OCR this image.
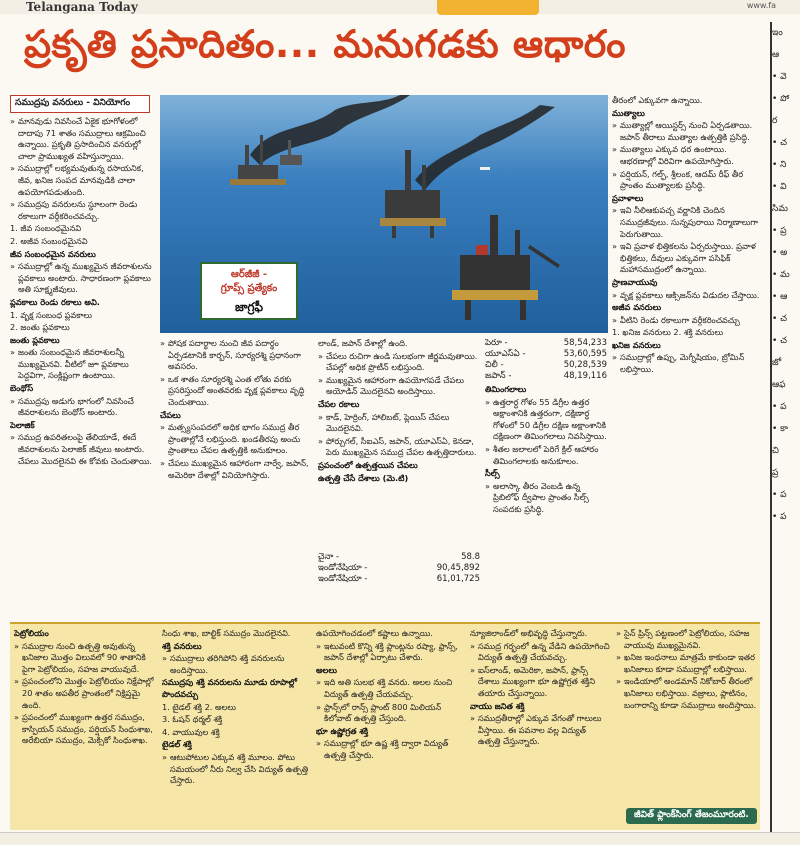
Telangana Today	www.fa
ప్రకృతి ప్రసాదితం... మనుగడకు ఆధారం
సముద్రపు వనరులు - వినియోగం

» మానవుడు నివసించే ఏకైక భూగోళంలో దాదాపు 71 శాతం సముద్రాలు ఆక్రమించి ఉన్నాయి. ప్రకృతి ప్రసాదించిన వనరుల్లో చాలా ప్రాముఖ్యత వహిస్తున్నాయి.

» సముద్రాల్లో లభ్యమవుతున్న రసాయనిక, జీవ, ఖనిజ సంపద మానవుడికి చాలా ఉపయోగపడుతుంది.

» సముద్రపు వనరులను స్థూలంగా రెండు రకాలుగా వర్గీకరించవచ్చు.

1. జీవ సంబంధమైనవి

2. అజీవ సంబంధమైనవి

జీవ సంబంధమైన వనరులు

» సముద్రాల్లో ఉన్న ముఖ్యమైన జీవరాశులను ప్లవకాలు అంటారు. సాధారణంగా ప్లవకాలు అతి సూక్ష్మజీవులు.

ప్లవకాలు రెండు రకాలు అవి.

1. వృక్ష సంబంధ ప్లవకాలు

2. జంతు ప్లవకాలు

జంతు ప్లవకాలు

» జంతు సంబంధమైన జీవరాశులన్నీ ముఖ్యమైనవి. వీటిలో జూ ప్లవకాలు పెద్దవిగా, సంక్లిష్టంగా ఉంటాయి.

బెంథోస్‌

» సముద్రపు అడుగు భాగంలో నివసించే జీవరాశులను బెంథోస్‌ అంటారు.

పెలాజిక్‌

» సముద్ర ఉపరితలంపై తేలియాడే, ఈదే జీవరాశులను పెలాజిక్‌ జీవులు అంటారు. చేపలు మొదలైనవి ఈ కోవకు చెందుతాయి.

ఆర్‌జీజీ -
గ్రూప్స్‌ ప్రత్యేకం
జాగ్రఫీ

» పోషక పదార్థాల నుంచి జీవ పదార్థం ఏర్పడటానికి కార్బన్‌, సూర్యరశ్మి ప్రధానంగా అవసరం.

» ఒక శాతం సూర్యరశ్మి ఎంత లోతు వరకు ప్రసరిస్తుందో అంతవరకు వృక్ష ప్లవకాలు వృద్ధి చెందుతాయి.

చేపలు

» మత్స్యసంపదలో అధిక భాగం సముద్ర తీర ప్రాంతాల్లోనే లభిస్తుంది. ఖండతీరపు అంచు ప్రాంతాలు చేపల ఉత్పత్తికి అనుకూలం.

» చేపలు ముఖ్యమైన ఆహారంగా నార్వే, జపాన్‌, అమెరికా దేశాల్లో వినియోగిస్తారు.

లాండ్‌, జపాన్‌ దేశాల్లో ఉంది.

» చేపలు రుచిగా ఉండి సులభంగా జీర్ణమవుతాయి. చేపల్లో అధిక ప్రొటీన్‌ లభిస్తుంది.

» ముఖ్యమైన ఆహారంగా ఉపయోగపడే చేపలు అయోడిన్‌ మొదలైనవి అందిస్తాయి.

చేపల రకాలు

» కాడ్‌, హెర్రింగ్‌, హాలిబట్‌, ప్లెయిస్‌ చేపలు మొదలైనవి.

» పోర్చుగల్‌, సీఐఎస్‌, జపాన్‌, యూఎస్‌ఏ, కెనడా, పెరు ముఖ్యమైన సముద్ర చేపల ఉత్పత్తిదారులు.

ప్రపంచంలో ఉత్పత్తయిన చేపలు

ఉత్పత్తి చేసే దేశాలు (మె.టి)

చైనా -	58.8
ఇండోనేషియా -	90,45,892
ఇండోనేషియా -	61,01,725
పెరూ -	58,54,233
యూఎస్‌ఏ -	53,60,595
చిలీ -	50,28,539
జపాన్‌ -	48,19,116

తిమింగలాలు

» ఉత్తరార్ధ గోళం 55 డిగ్రీల ఉత్తర అక్షాంశానికి ఉత్తరంగా, దక్షిణార్ధ గోళంలో 50 డిగ్రీల దక్షిణ అక్షాంశానికి దక్షిణంగా తిమింగలాలు నివసిస్తాయి.

» శీతల జలాలలో పెరిగే క్రిల్‌ ఆహారం తిమింగలాలకు అనుకూలం.

సీల్స్‌

» అలాస్కా తీరం వెంబడి ఉన్న ప్రిబిలోఫ్‌ ద్వీపాల ప్రాంతం సీల్స్‌ సంపదకు ప్రసిద్ధి.

తీరంలో ఎక్కువగా ఉన్నాయి.

ముత్యాలు

» ముత్యాల్లో ఆయిస్టర్స్‌ నుంచి ఏర్పడతాయి. జపాన్‌ తీరాలు ముత్యాల ఉత్పత్తికి ప్రసిద్ధి.

» ముత్యాలు ఎక్కువ ధర ఉంటాయి. ఆభరణాల్లో విరివిగా ఉపయోగిస్తారు.

» పర్షియన్‌, గల్ఫ్‌, శ్రీలంక, ఆదమ్‌ రీఫ్‌ తీర ప్రాంతం ముత్యాలకు ప్రసిద్ధి.

ప్రవాళాలు

» ఇవి నీలిఆకుపచ్చ వర్ణానికి చెందిన సముద్రజీవులు. సున్నపురాయి నిర్మాణాలుగా పెరుగుతాయి.

» ఇవి ప్రవాళ భిత్తికలను ఏర్పరుస్తాయి. ప్రవాళ భిత్తికలు, దీవులు ఎక్కువగా పసిఫిక్‌ మహాసముద్రంలో ఉన్నాయి.

ప్రాణవాయువు

» వృక్ష ప్లవకాలు ఆక్సిజన్‌ను విడుదల చేస్తాయి.

అజీవ వనరులు

» వీటిని రెండు రకాలుగా వర్గీకరించవచ్చు

1. ఖనిజ వనరులు 2. శక్తి వనరులు

ఖనిజ వనరులు

» సముద్రాల్లో ఉప్పు, మెగ్నీషియం, బ్రోమిన్‌ లభిస్తాయి.

పెట్రోలియం

» సముద్రాల నుంచి ఉత్పత్తి అవుతున్న ఖనిజాల మొత్తం విలువలో 90 శాతానికి పైగా పెట్రోలియం, సహజ వాయువుదే.

» ప్రపంచంలోని మొత్తం పెట్రోలియం నిక్షేపాల్లో 20 శాతం అపతీర ప్రాంతంలో నిక్షిప్తమై ఉంది.

» ప్రపంచంలో ముఖ్యంగా ఉత్తర సముద్రం, కాస్పియన్‌ సముద్రం, పర్షియన్‌ సింధుశాఖ, అరేబియా సముద్రం, మెక్సికో సింధుశాఖ.

సింధు శాఖ, బాల్టిక్‌ సముద్రం మొదలైనవి.

శక్తి వనరులు

» సముద్రాలు తరిగిపోని శక్తి వనరులను అందిస్తాయి.

సముద్రపు శక్తి వనరులను మూడు రూపాల్లో పొందవచ్చు

1. టైడల్‌ శక్తి 2. అలలు

3. ఓషన్‌ థర్మల్‌ శక్తి

4. వాయువుల శక్తి

టైడల్‌ శక్తి

» ఆటుపోటుల ఎక్కువ శక్తి మూలం. పోటు సమయంలో నీరు నిల్వ చేసి విద్యుత్‌ ఉత్పత్తి చేస్తారు.

ఉపయోగించడంలో కష్టాలు ఉన్నాయి.

» ఇటువంటి కొన్ని శక్తి ప్లాంట్లను రష్యా, ఫ్రాన్స్‌, జపాన్‌ దేశాల్లో ఏర్పాటు చేశారు.

అలలు

» ఇది అతి సులభ శక్తి వనరు. అలల నుంచి విద్యుత్‌ ఉత్పత్తి చేయవచ్చు.

» ఫ్రాన్స్‌లో రాన్స్‌ ప్లాంట్‌ 800 మిలియన్‌ కిలోవాట్‌ ఉత్పత్తి చేస్తుంది.

భూ ఉష్ణోగ్రత శక్తి

» సముద్రాల్లో భూ ఉష్ణ శక్తి ద్వారా విద్యుత్‌ ఉత్పత్తి చేస్తారు.

న్యూజిలాండ్‌లో అభివృద్ధి చేస్తున్నారు.

» సముద్ర గర్భంలో ఉన్న వేడిని ఉపయోగించి విద్యుత్‌ ఉత్పత్తి చేయవచ్చు.

» ఐస్‌లాండ్‌, అమెరికా, జపాన్‌, ఫ్రాన్స్‌ దేశాలు ముఖ్యంగా భూ ఉష్ణోగ్రత శక్తిని తయారు చేస్తున్నాయి.

వాయు జనిత శక్తి

» సముద్రతీరాల్లో ఎక్కువ వేగంతో గాలులు వీస్తాయి. ఈ పవనాల వల్ల విద్యుత్‌ ఉత్పత్తి చేస్తున్నారు.

» సైన్‌ ప్రిన్స్‌ పట్టణంలో పెట్రోలియం, సహజ వాయువు ముఖ్యమైనవి.

» ఖనిజ ఇంధనాలు మాత్రమే కాకుండా ఇతర ఖనిజాలు కూడా సముద్రాల్లో లభిస్తాయి.

» ఇండియాలో అండమాన్‌ నికోబార్‌ తీరంలో ఖనిజాలు లభిస్తాయి. వజ్రాలు, ప్లాటినం, బంగారాన్ని కూడా సముద్రాలు అందిస్తాయి.

జీవిత్‌ ఫ్లాంక్‌సింగ్‌ తేజంమూరంటి.
ఇం
ఆ
• వె
• పో
ర
• చ
• ని
• వి
సిమ
• ప్ర
• అ
• మ
• ఆ
• చ
• చ
జో
ఆఫ
• ప
• కా
చి
ప్ర
• ప
• ప
